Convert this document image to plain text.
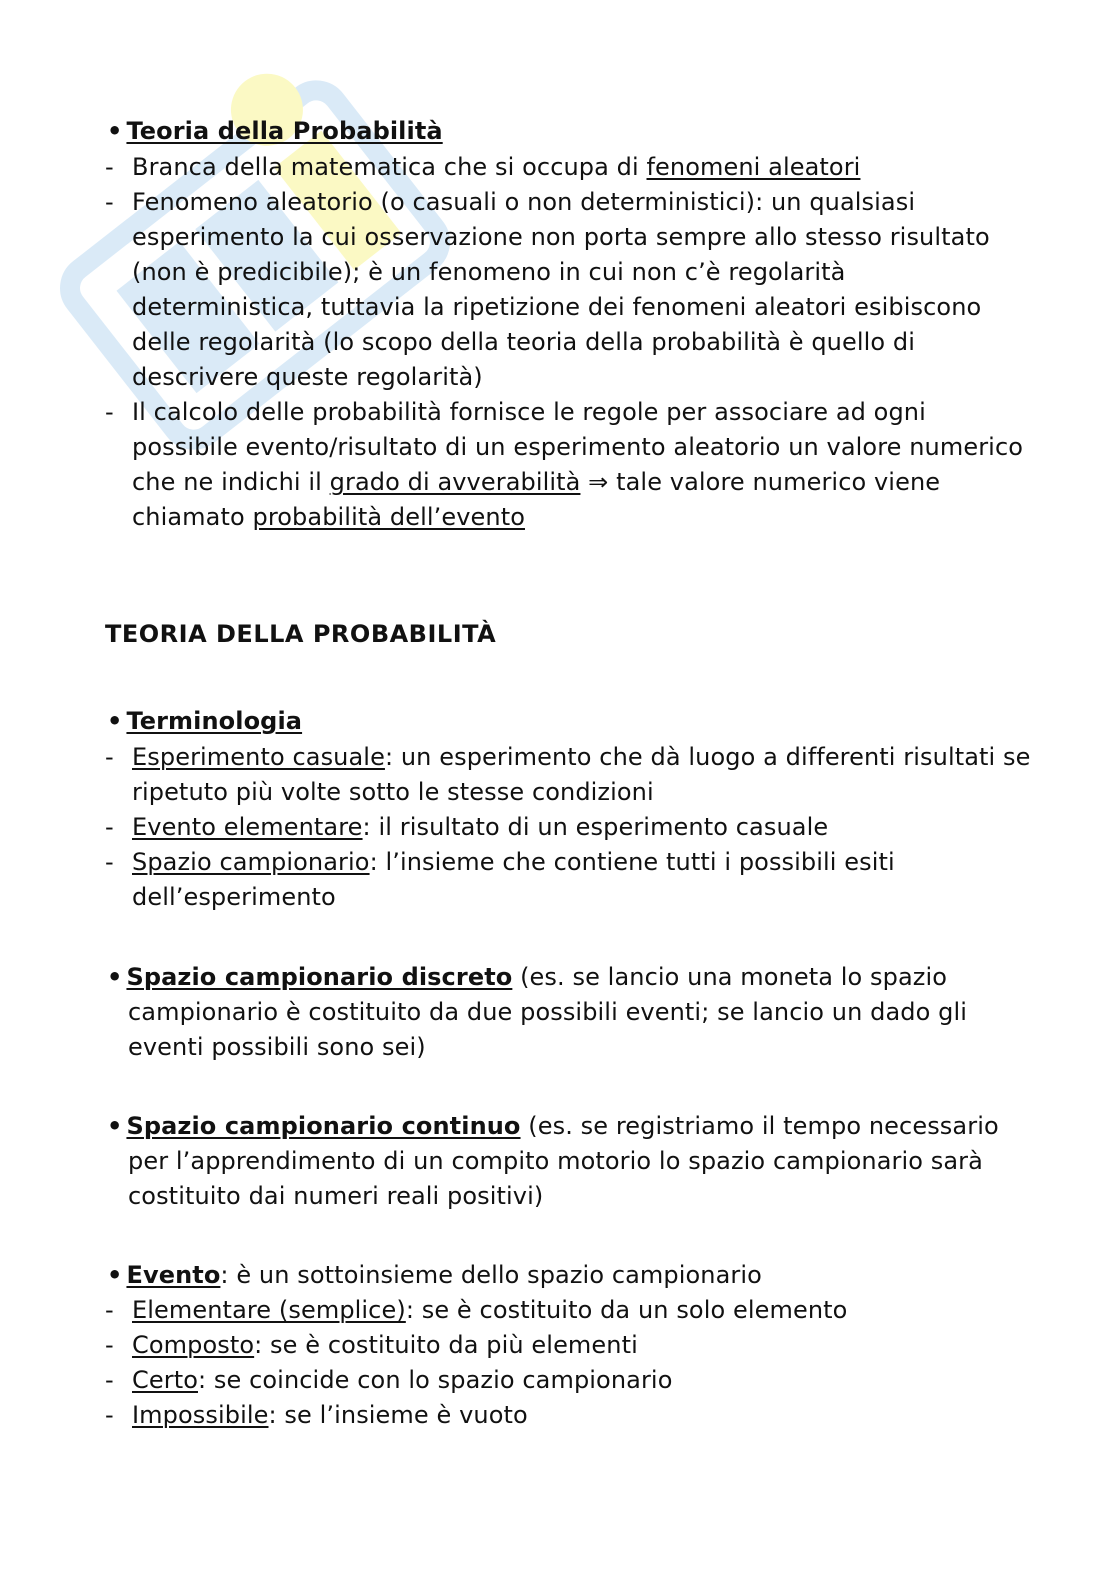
• Teoria della Probabilità
- Branca della matematica che si occupa di fenomeni aleatori
- Fenomeno aleatorio (o casuali o non deterministici): un qualsiasi
esperimento la cui osservazione non porta sempre allo stesso risultato
(non è predicibile); è un fenomeno in cui non c’è regolarità
deterministica, tuttavia la ripetizione dei fenomeni aleatori esibiscono
delle regolarità (lo scopo della teoria della probabilità è quello di
descrivere queste regolarità)
- Il calcolo delle probabilità fornisce le regole per associare ad ogni
possibile evento/risultato di un esperimento aleatorio un valore numerico
che ne indichi il grado di avverabilità ⇒ tale valore numerico viene
chiamato probabilità dell’evento
TEORIA DELLA PROBABILITÀ
• Terminologia
- Esperimento casuale: un esperimento che dà luogo a differenti risultati se
ripetuto più volte sotto le stesse condizioni
- Evento elementare: il risultato di un esperimento casuale
- Spazio campionario: l’insieme che contiene tutti i possibili esiti
dell’esperimento
• Spazio campionario discreto (es. se lancio una moneta lo spazio
campionario è costituito da due possibili eventi; se lancio un dado gli
eventi possibili sono sei)
• Spazio campionario continuo (es. se registriamo il tempo necessario
per l’apprendimento di un compito motorio lo spazio campionario sarà
costituito dai numeri reali positivi)
• Evento: è un sottoinsieme dello spazio campionario
- Elementare (semplice): se è costituito da un solo elemento
- Composto: se è costituito da più elementi
- Certo: se coincide con lo spazio campionario
- Impossibile: se l’insieme è vuoto
